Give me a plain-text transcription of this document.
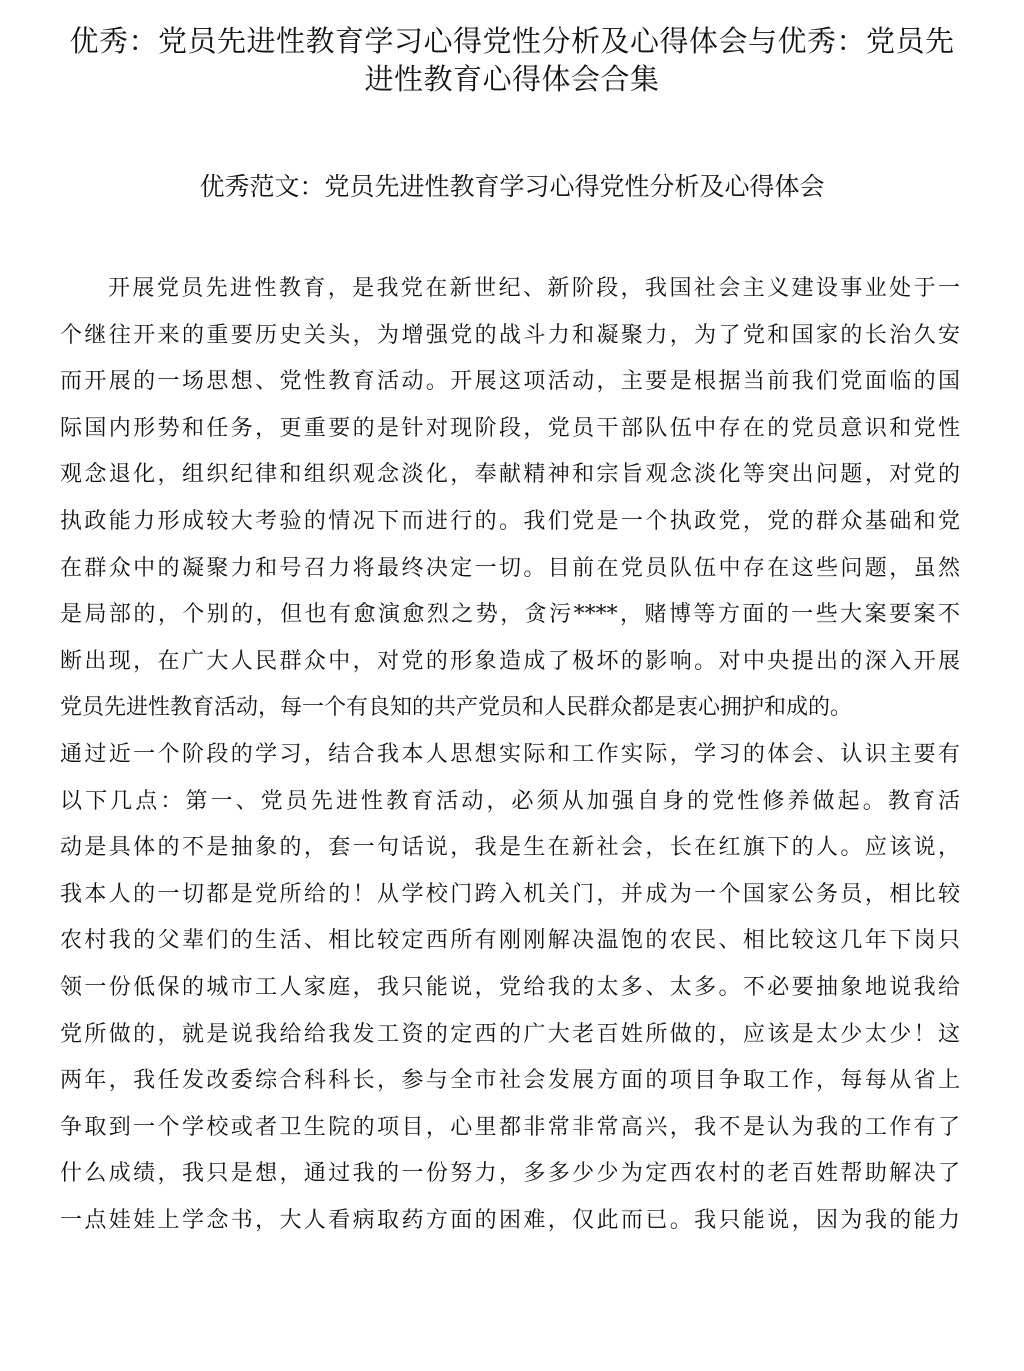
优秀：党员先进性教育学习心得党性分析及心得体会与优秀：党员先
进性教育心得体会合集
优秀范文：党员先进性教育学习心得党性分析及心得体会
开展党员先进性教育，是我党在新世纪、新阶段，我国社会主义建设事业处于一
个继往开来的重要历史关头，为增强党的战斗力和凝聚力，为了党和国家的长治久安
而开展的一场思想、党性教育活动。开展这项活动，主要是根据当前我们党面临的国
际国内形势和任务，更重要的是针对现阶段，党员干部队伍中存在的党员意识和党性
观念退化，组织纪律和组织观念淡化，奉献精神和宗旨观念淡化等突出问题，对党的
执政能力形成较大考验的情况下而进行的。我们党是一个执政党，党的群众基础和党
在群众中的凝聚力和号召力将最终决定一切。目前在党员队伍中存在这些问题，虽然
是局部的，个别的，但也有愈演愈烈之势，贪污****，赌博等方面的一些大案要案不
断出现，在广大人民群众中，对党的形象造成了极坏的影响。对中央提出的深入开展
党员先进性教育活动，每一个有良知的共产党员和人民群众都是衷心拥护和成的。
通过近一个阶段的学习，结合我本人思想实际和工作实际，学习的体会、认识主要有
以下几点：第一、党员先进性教育活动，必须从加强自身的党性修养做起。教育活
动是具体的不是抽象的，套一句话说，我是生在新社会，长在红旗下的人。应该说，
我本人的一切都是党所给的！从学校门跨入机关门，并成为一个国家公务员，相比较
农村我的父辈们的生活、相比较定西所有刚刚解决温饱的农民、相比较这几年下岗只
领一份低保的城市工人家庭，我只能说，党给我的太多、太多。不必要抽象地说我给
党所做的，就是说我给给我发工资的定西的广大老百姓所做的，应该是太少太少！这
两年，我任发改委综合科科长，参与全市社会发展方面的项目争取工作，每每从省上
争取到一个学校或者卫生院的项目，心里都非常非常高兴，我不是认为我的工作有了
什么成绩，我只是想，通过我的一份努力，多多少少为定西农村的老百姓帮助解决了
一点娃娃上学念书，大人看病取药方面的困难，仅此而已。我只能说，因为我的能力
